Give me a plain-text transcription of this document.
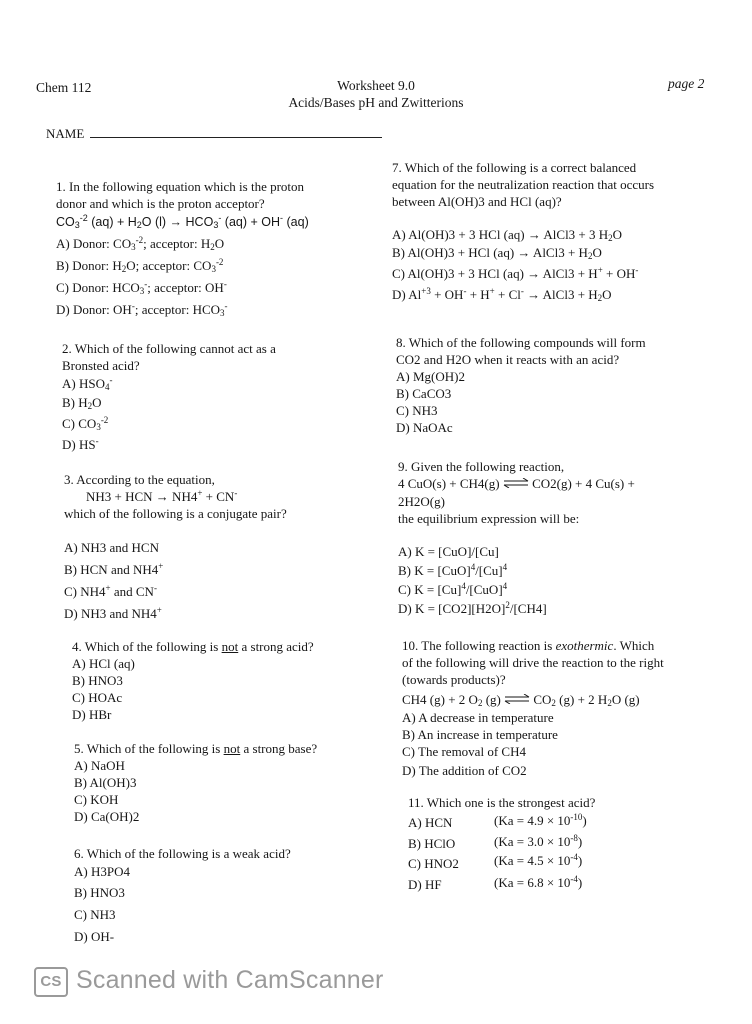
Chem 112	Worksheet 9.0
Acids/Bases pH and Zwitterions
page 2
NAME

1. In the following equation which is the proton

donor and which is the proton acceptor?

$CO_3^{-2}$ $(aq) + H_2O$ $(l) \to HCO_3^-$ (aq) + OH- (aq)

A) Donor: $CO_3^{-2}$; acceptor: $H_2O$

B) Donor: $H_2O$; acceptor: $CO_3^{-2}$

C) Donor: $HCO_3^-$; acceptor: OH-

D) Donor: OH-; acceptor: $HCO_3^-$

2. Which of the following cannot act as a

Bronsted acid?

A) $HSO_4^-$

B) $H_2O$

C) $CO_3^{-2}$

D) HS-

3. According to the equation,

NH3 + HCN → NH4+ + CN-

which of the following is a conjugate pair?

A) NH3 and HCN

B) HCN and NH4+

C) NH4+ and CN-

D) NH3 and NH4+

4. Which of the following is not a strong acid?

A) HCl (aq)

B) HNO3

C) HOAc

D) HBr

5. Which of the following is not a strong base?

A) NaOH

B) Al(OH)3

C) KOH

D) Ca(OH)2

6. Which of the following is a weak acid?

A) H3PO4

B) HNO3

C) NH3

D) OH-

7. Which of the following is a correct balanced

equation for the neutralization reaction that occurs

between Al(OH)3 and HCl (aq)?

A) Al(OH)3 + 3 HCl (aq) → AlCl3 + 3 $H_2O$

B) Al(OH)3 + HCl (aq) → AlCl3 + $H_2O$

C) Al(OH)3 + 3 HCl (aq) → AlCl3 + H+ + OH-

D) $Al^{+3} + OH^- + H^+ + Cl^-$ → AlCl3 + $H_2O$

8. Which of the following compounds will form

CO2 and H2O when it reacts with an acid?

A) Mg(OH)2

B) CaCO3

C) NH3

D) NaOAc

9. Given the following reaction,

4 CuO(s) + CH4(g) ⇌ CO2(g) + 4 Cu(s) +

2H2O(g)

the equilibrium expression will be:

A) K = [CuO]/[Cu]

B) $K = [CuO]^4/[Cu]^4$

C) $K = [Cu]^4/[CuO]^4$

D) $K = [CO2][H2O]^2/[CH4]$

10. The following reaction is exothermic. Which

of the following will drive the reaction to the right

(towards products)?

CH4 (g) + 2 $O_2$ (g) ⇌ $CO_2$ (g) + 2 $H_2O$ (g)

A) A decrease in temperature

B) An increase in temperature

C) The removal of CH4

D) The addition of CO2

11. Which one is the strongest acid?

A) HCN	$(Ka = 4.9 \times 10^{-10})$
B) HClO	$(Ka = 3.0 \times 10^{-8})$
C) HNO2	$(Ka = 4.5 \times 10^{-4})$
D) HF	$(Ka = 6.8 \times 10^{-4})$
CS Scanned with CamScanner
